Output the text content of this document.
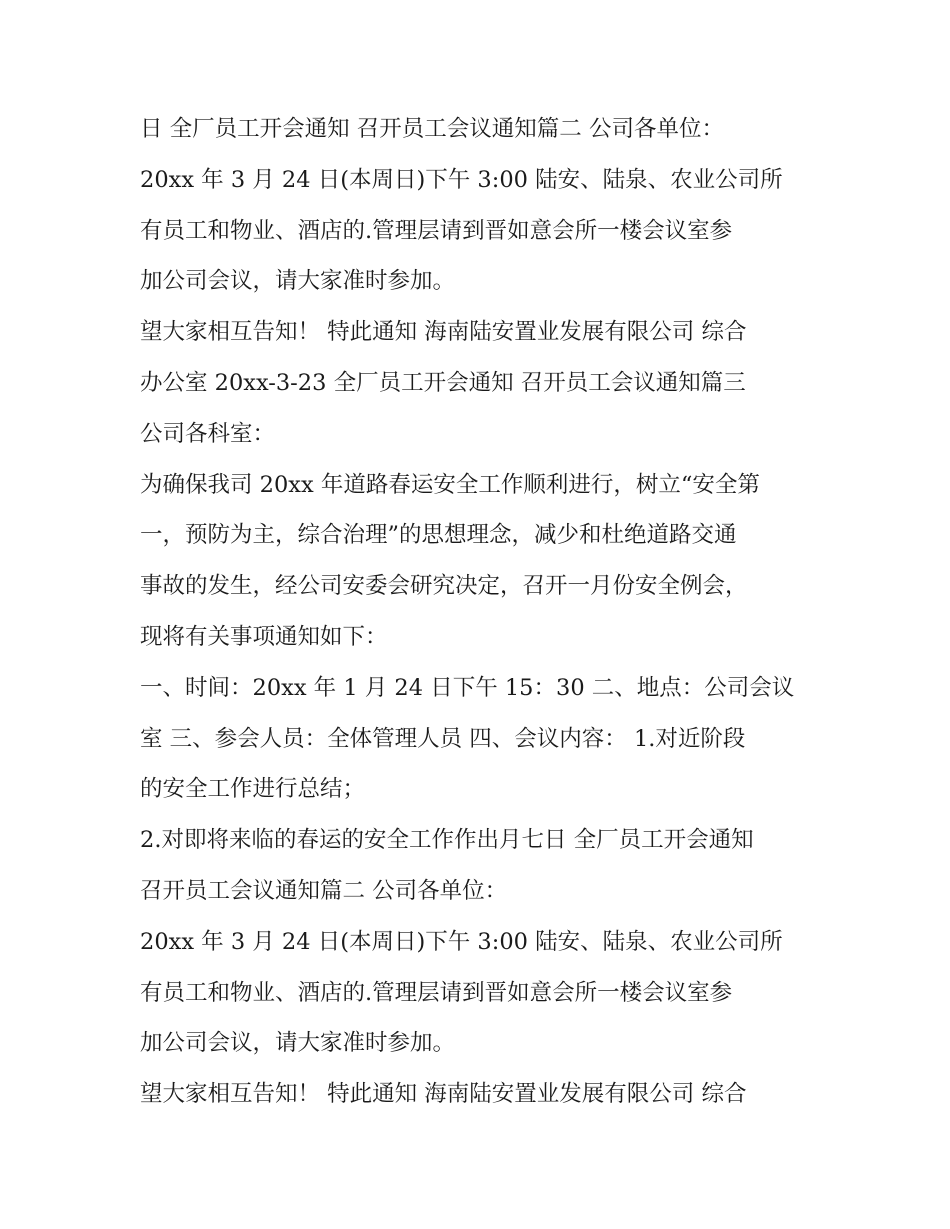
日 全厂员工开会通知 召开员工会议通知篇二 公司各单位：
20xx 年 3 月 24 日(本周日)下午 3:00 陆安、陆泉、农业公司所
有员工和物业、酒店的.管理层请到晋如意会所一楼会议室参
加公司会议，请大家准时参加。
望大家相互告知！ 特此通知 海南陆安置业发展有限公司 综合
办公室 20xx-3-23 全厂员工开会通知 召开员工会议通知篇三
公司各科室：
为确保我司 20xx 年道路春运安全工作顺利进行，树立“安全第
一，预防为主，综合治理”的思想理念，减少和杜绝道路交通
事故的发生，经公司安委会研究决定，召开一月份安全例会，
现将有关事项通知如下：
一、时间：20xx 年 1 月 24 日下午 15：30 二、地点：公司会议
室 三、参会人员：全体管理人员 四、会议内容： 1.对近阶段
的安全工作进行总结；
2.对即将来临的春运的安全工作作出月七日 全厂员工开会通知
召开员工会议通知篇二 公司各单位：
20xx 年 3 月 24 日(本周日)下午 3:00 陆安、陆泉、农业公司所
有员工和物业、酒店的.管理层请到晋如意会所一楼会议室参
加公司会议，请大家准时参加。
望大家相互告知！ 特此通知 海南陆安置业发展有限公司 综合
